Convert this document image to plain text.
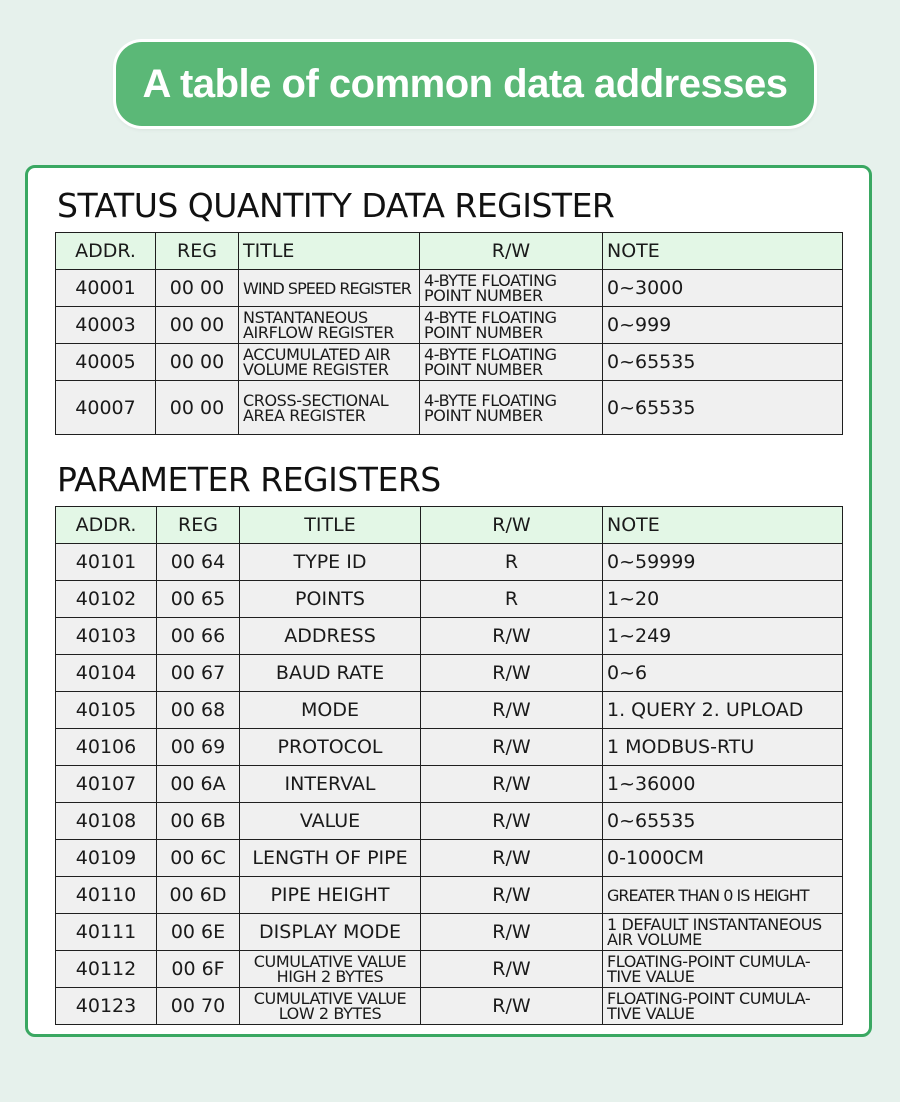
A table of common data addresses
STATUS QUANTITY DATA REGISTER
ADDR.	REG	TITLE	R/W	NOTE
40001	00 00	WIND SPEED REGISTER	4-BYTE FLOATING POINT NUMBER	0~3000
40003	00 00	NSTANTANEOUS AIRFLOW REGISTER	4-BYTE FLOATING POINT NUMBER	0~999
40005	00 00	ACCUMULATED AIR VOLUME REGISTER	4-BYTE FLOATING POINT NUMBER	0~65535
40007	00 00	CROSS-SECTIONAL AREA REGISTER	4-BYTE FLOATING POINT NUMBER	0~65535
PARAMETER REGISTERS
ADDR.	REG	TITLE	R/W	NOTE
40101	00 64	TYPE ID	R	0~59999
40102	00 65	POINTS	R	1~20
40103	00 66	ADDRESS	R/W	1~249
40104	00 67	BAUD RATE	R/W	0~6
40105	00 68	MODE	R/W	1. QUERY 2. UPLOAD
40106	00 69	PROTOCOL	R/W	1 MODBUS-RTU
40107	00 6A	INTERVAL	R/W	1~36000
40108	00 6B	VALUE	R/W	0~65535
40109	00 6C	LENGTH OF PIPE	R/W	0-1000CM
40110	00 6D	PIPE HEIGHT	R/W	GREATER THAN 0 IS HEIGHT
40111	00 6E	DISPLAY MODE	R/W	1 DEFAULT INSTANTANEOUS AIR VOLUME
40112	00 6F	CUMULATIVE VALUE HIGH 2 BYTES	R/W	FLOATING-POINT CUMULA-TIVE VALUE
40123	00 70	CUMULATIVE VALUE LOW 2 BYTES	R/W	FLOATING-POINT CUMULA-TIVE VALUE
